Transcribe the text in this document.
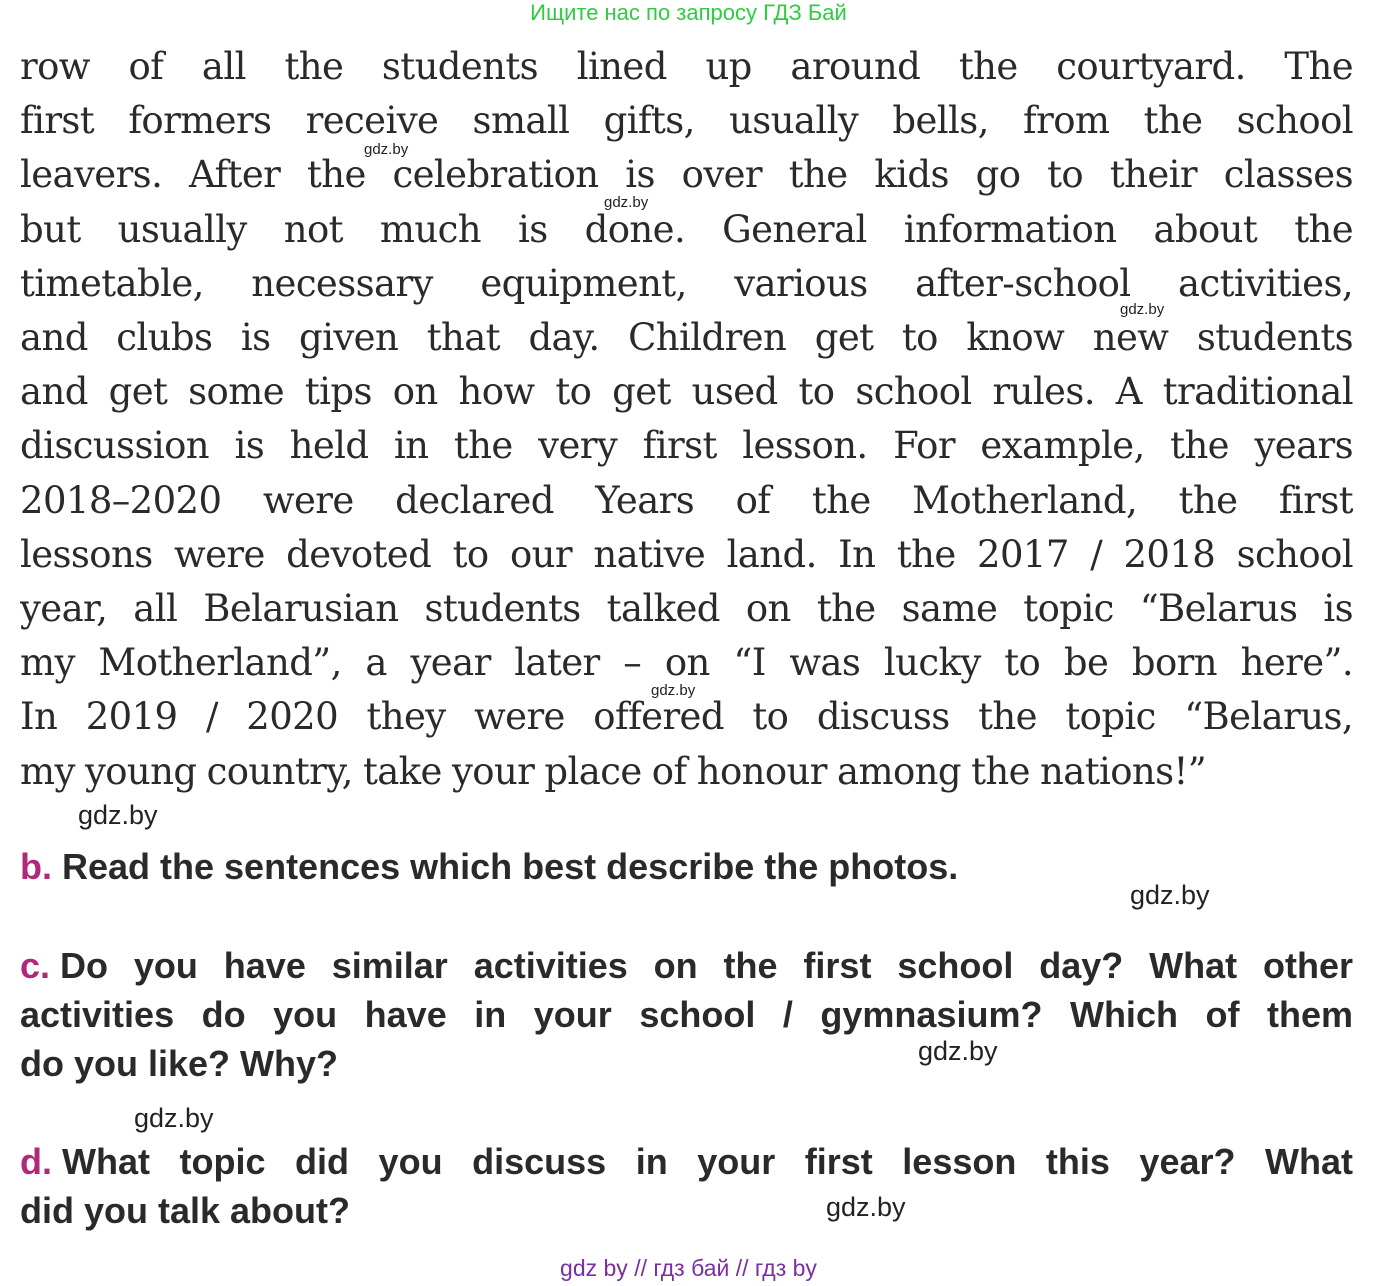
Ищите нас по запросу ГДЗ Бай
row of all the students lined up around the courtyard. The
first formers receive small gifts, usually bells, from the school
leavers. After the celebration is over the kids go to their classes
but usually not much is done. General information about the
timetable, necessary equipment, various after-school activities,
and clubs is given that day. Children get to know new students
and get some tips on how to get used to school rules. A traditional
discussion is held in the very first lesson. For example, the years
2018–2020 were declared Years of the Motherland, the first
lessons were devoted to our native land. In the 2017 / 2018 school
year, all Belarusian students talked on the same topic “Belarus is
my Motherland”, a year later – on “I was lucky to be born here”.
In 2019 / 2020 they were offered to discuss the topic “Belarus,
my young country, take your place of honour among the nations!”
gdz.by
gdz.by
gdz.by
gdz.by
gdz.by
b. Read the sentences which best describe the photos.
gdz.by
c. Do you have similar activities on the first school day? What other
activities do you have in your school / gymnasium? Which of them
do you like? Why?	gdz.by
gdz.by
d. What topic did you discuss in your first lesson this year? What
did you talk about?	gdz.by
gdz by // гдз бай // гдз by
